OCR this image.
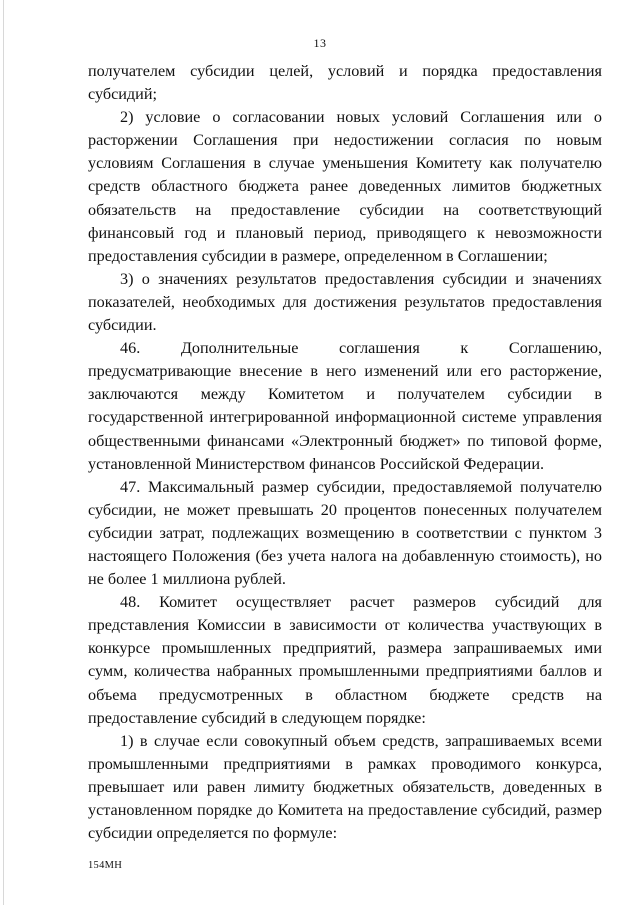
13

получателем субсидии целей, условий и порядка предоставления субсидий;

2) условие о согласовании новых условий Соглашения или о расторжении Соглашения при недостижении согласия по новым условиям Соглашения в случае уменьшения Комитету как получателю средств областного бюджета ранее доведенных лимитов бюджетных обязательств на предоставление субсидии на соответствующий финансовый год и плановый период, приводящего к невозможности предоставления субсидии в размере, определенном в Соглашении;

3) о значениях результатов предоставления субсидии и значениях показателей, необходимых для достижения результатов предоставления субсидии.

46. Дополнительные соглашения к Соглашению, предусматривающие внесение в него изменений или его расторжение, заключаются между Комитетом и получателем субсидии в государственной интегрированной информационной системе управления общественными финансами «Электронный бюджет» по типовой форме, установленной Министерством финансов Российской Федерации.

47. Максимальный размер субсидии, предоставляемой получателю субсидии, не может превышать 20 процентов понесенных получателем субсидии затрат, подлежащих возмещению в соответствии с пунктом 3 настоящего Положения (без учета налога на добавленную стоимость), но не более 1 миллиона рублей.

48. Комитет осуществляет расчет размеров субсидий для представления Комиссии в зависимости от количества участвующих в конкурсе промышленных предприятий, размера запрашиваемых ими сумм, количества набранных промышленными предприятиями баллов и объема предусмотренных в областном бюджете средств на предоставление субсидий в следующем порядке:

1) в случае если совокупный объем средств, запрашиваемых всеми промышленными предприятиями в рамках проводимого конкурса, превышает или равен лимиту бюджетных обязательств, доведенных в установленном порядке до Комитета на предоставление субсидий, размер субсидии определяется по формуле:

154МН
